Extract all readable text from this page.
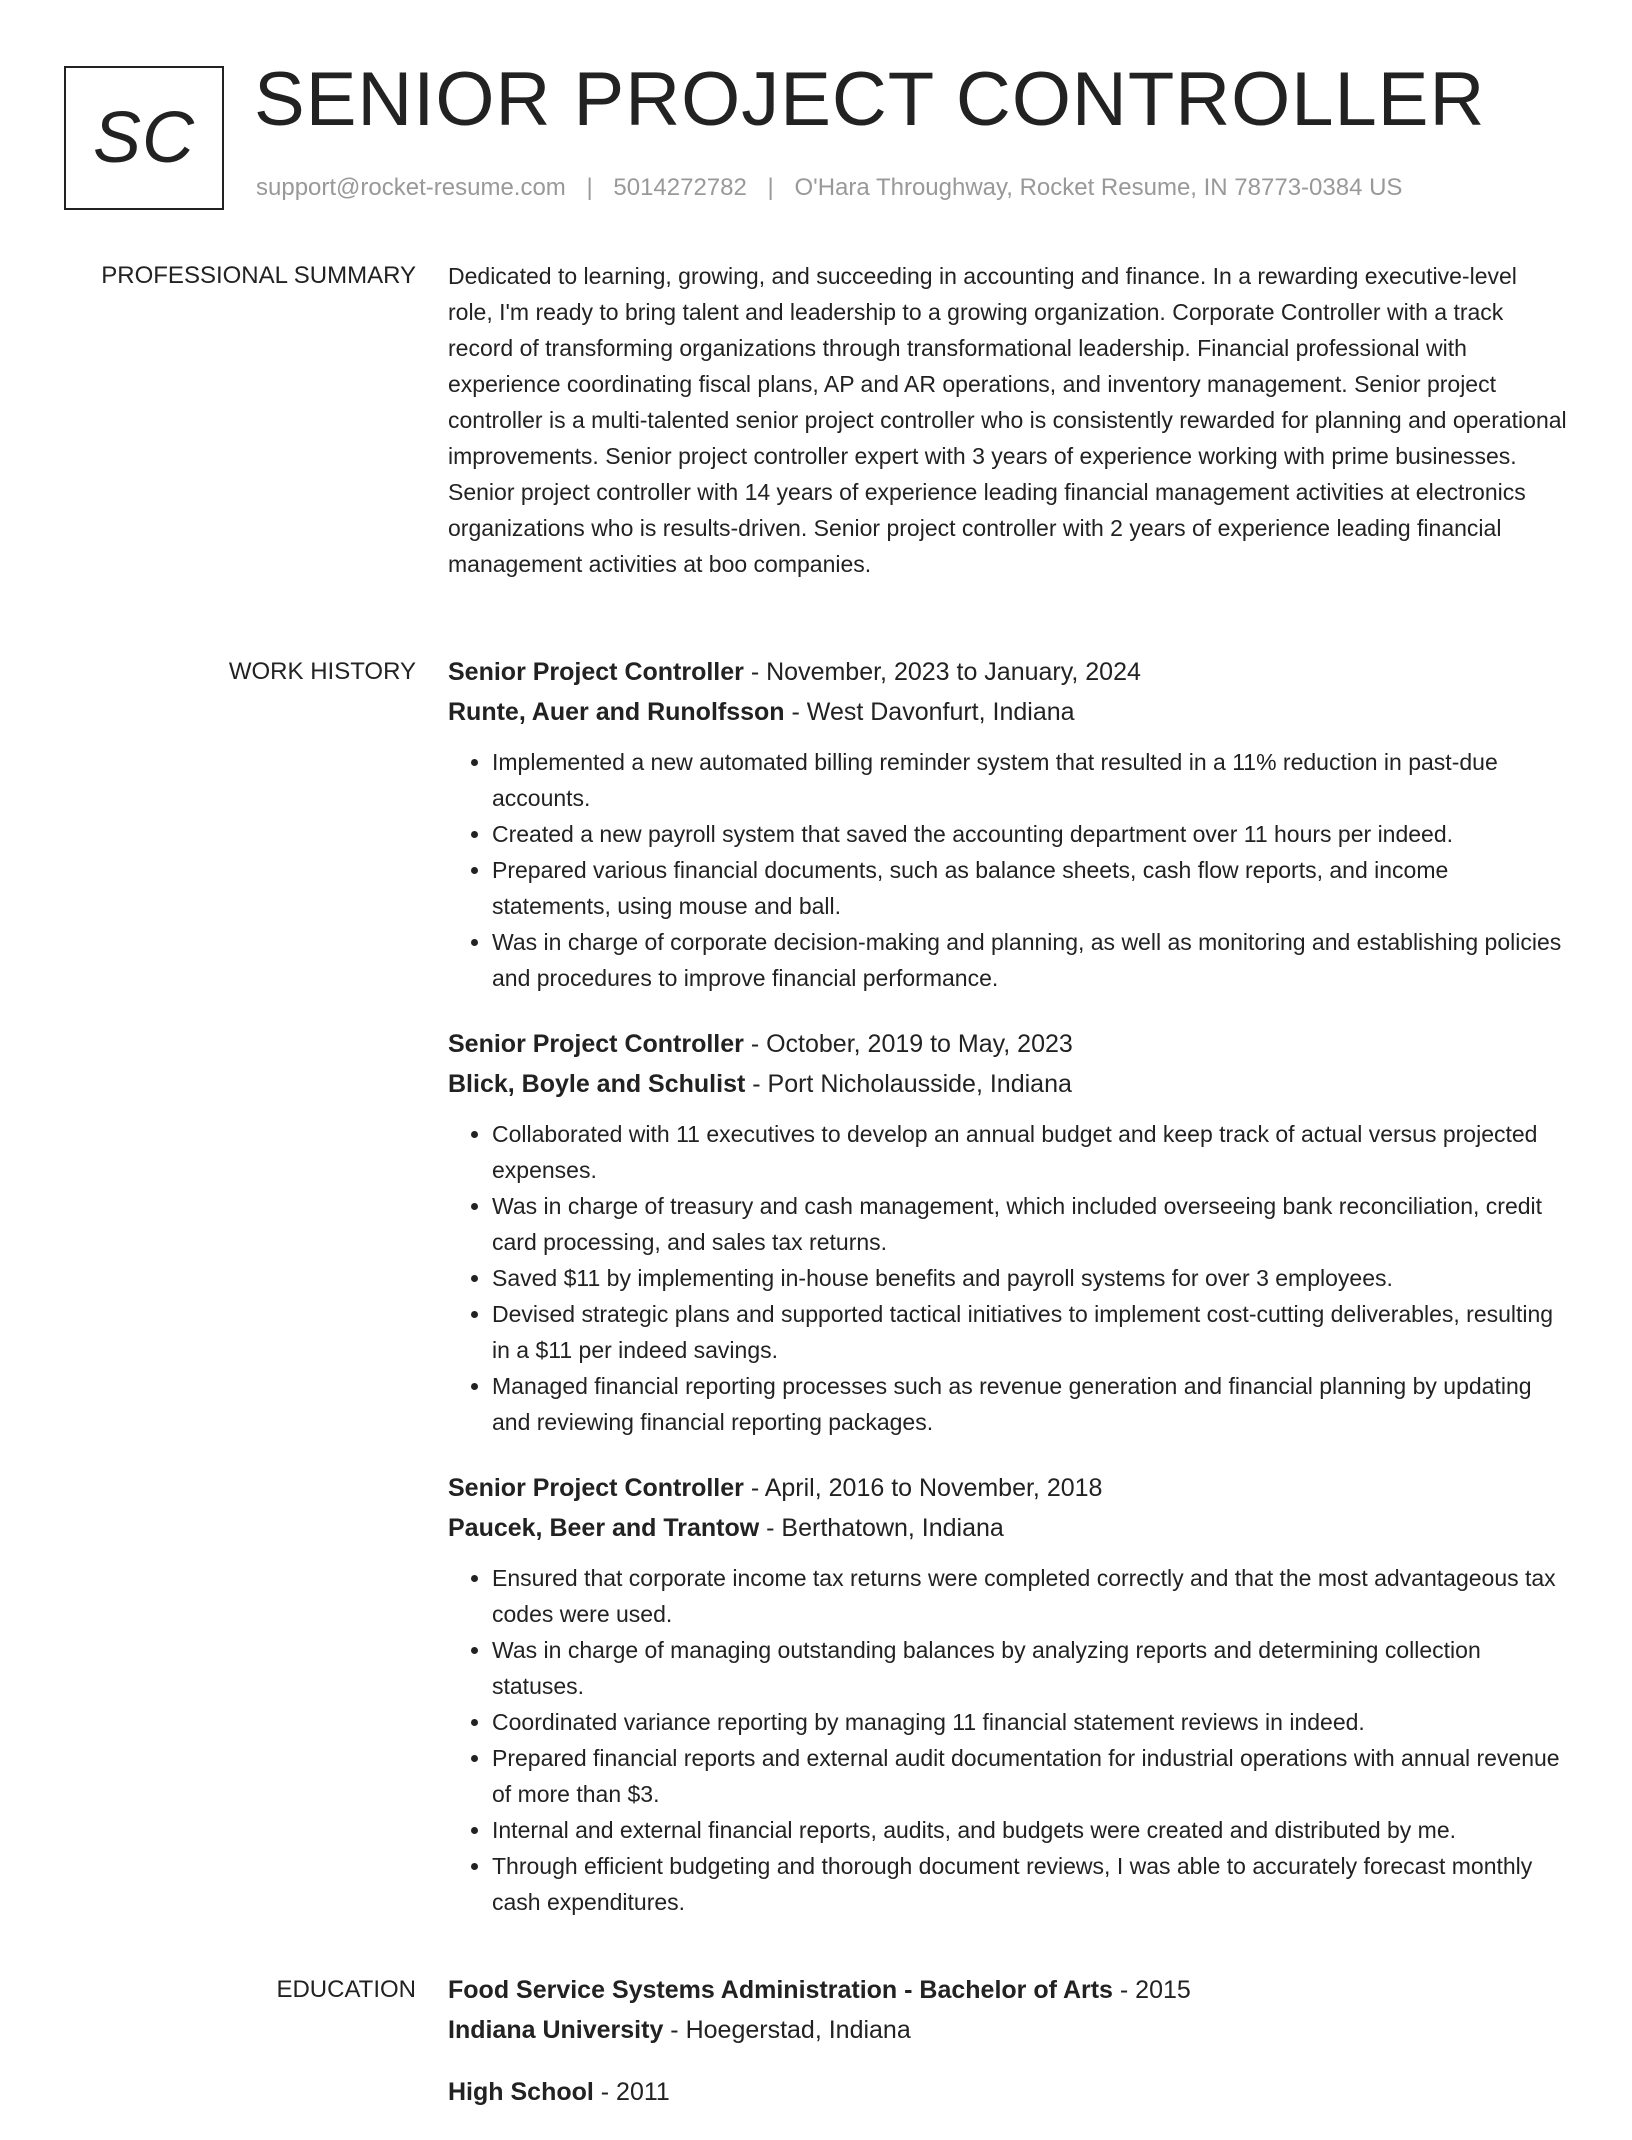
SC SENIOR PROJECT CONTROLLER
support@rocket-resume.com | 5014272782 | O'Hara Throughway, Rocket Resume, IN 78773-0384 US
PROFESSIONAL SUMMARY Dedicated to learning, growing, and succeeding in accounting and finance. In a rewarding executive-level role, I'm ready to bring talent and leadership to a growing organization. Corporate Controller with a track record of transforming organizations through transformational leadership. Financial professional with experience coordinating fiscal plans, AP and AR operations, and inventory management. Senior project controller is a multi-talented senior project controller who is consistently rewarded for planning and operational improvements. Senior project controller expert with 3 years of experience working with prime businesses. Senior project controller with 14 years of experience leading financial management activities at electronics organizations who is results-driven. Senior project controller with 2 years of experience leading financial management activities at boo companies.

WORK HISTORY Senior Project Controller - November, 2023 to January, 2024
Runte, Auer and Runolfsson - West Davonfurt, Indiana
• Implemented a new automated billing reminder system that resulted in a 11% reduction in past-due accounts.
• Created a new payroll system that saved the accounting department over 11 hours per indeed.
• Prepared various financial documents, such as balance sheets, cash flow reports, and income statements, using mouse and ball.
• Was in charge of corporate decision-making and planning, as well as monitoring and establishing policies and procedures to improve financial performance.
Senior Project Controller - October, 2019 to May, 2023
Blick, Boyle and Schulist - Port Nicholausside, Indiana
• Collaborated with 11 executives to develop an annual budget and keep track of actual versus projected expenses.
• Was in charge of treasury and cash management, which included overseeing bank reconciliation, credit card processing, and sales tax returns.
• Saved $11 by implementing in-house benefits and payroll systems for over 3 employees.
• Devised strategic plans and supported tactical initiatives to implement cost-cutting deliverables, resulting in a $11 per indeed savings.
• Managed financial reporting processes such as revenue generation and financial planning by updating and reviewing financial reporting packages.
Senior Project Controller - April, 2016 to November, 2018
Paucek, Beer and Trantow - Berthatown, Indiana
• Ensured that corporate income tax returns were completed correctly and that the most advantageous tax codes were used.
• Was in charge of managing outstanding balances by analyzing reports and determining collection statuses.
• Coordinated variance reporting by managing 11 financial statement reviews in indeed.
• Prepared financial reports and external audit documentation for industrial operations with annual revenue of more than $3.
• Internal and external financial reports, audits, and budgets were created and distributed by me.
• Through efficient budgeting and thorough document reviews, I was able to accurately forecast monthly cash expenditures.
EDUCATION Food Service Systems Administration - Bachelor of Arts - 2015
Indiana University - Hoegerstad, Indiana
High School - 2011
